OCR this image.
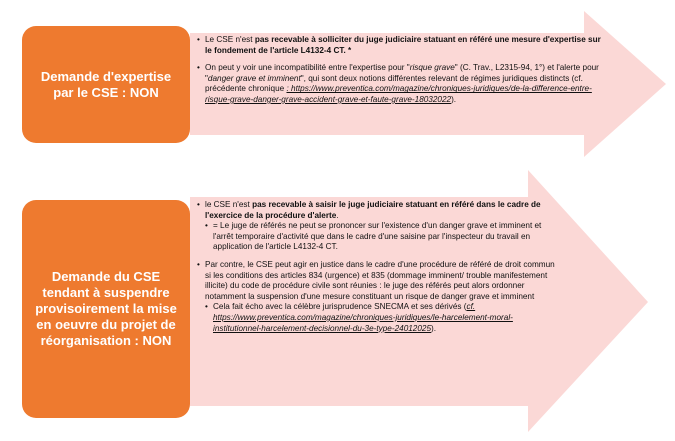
Demande d'expertise par le CSE : NON
Demande du CSE tendant à suspendre provisoirement la mise en oeuvre du projet de réorganisation : NON

• Le CSE n'est pas recevable à solliciter du juge judiciaire statuant en référé une mesure d'expertise sur le fondement de l'article L4132-4 CT. *

• On peut y voir une incompatibilité entre l'expertise pour "risque grave" (C. Trav., L2315-94, 1°) et l'alerte pour "danger grave et imminent", qui sont deux notions différentes relevant de régimes juridiques distincts (cf. précédente chronique : https://www.preventica.com/magazine/chroniques-juridiques/de-la-difference-entre-risque-grave-danger-grave-accident-grave-et-faute-grave-18032022).

• le CSE n'est pas recevable à saisir le juge judiciaire statuant en référé dans le cadre de l'exercice de la procédure d'alerte.

• = Le juge de référés ne peut se prononcer sur l'existence d'un danger grave et imminent et l'arrêt temporaire d'activité que dans le cadre d'une saisine par l'inspecteur du travail en application de l'article L4132-4 CT.

• Par contre, le CSE peut agir en justice dans le cadre d'une procédure de référé de droit commun si les conditions des articles 834 (urgence) et 835 (dommage imminent/ trouble manifestement illicite) du code de procédure civile sont réunies : le juge des référés peut alors ordonner notamment la suspension d'une mesure constituant un risque de danger grave et imminent

• Cela fait écho avec la célèbre jurisprudence SNECMA et ses dérivés (cf. https://www.preventica.com/magazine/chroniques-juridiques/le-harcelement-moral-institutionnel-harcelement-decisionnel-du-3e-type-24012025).
